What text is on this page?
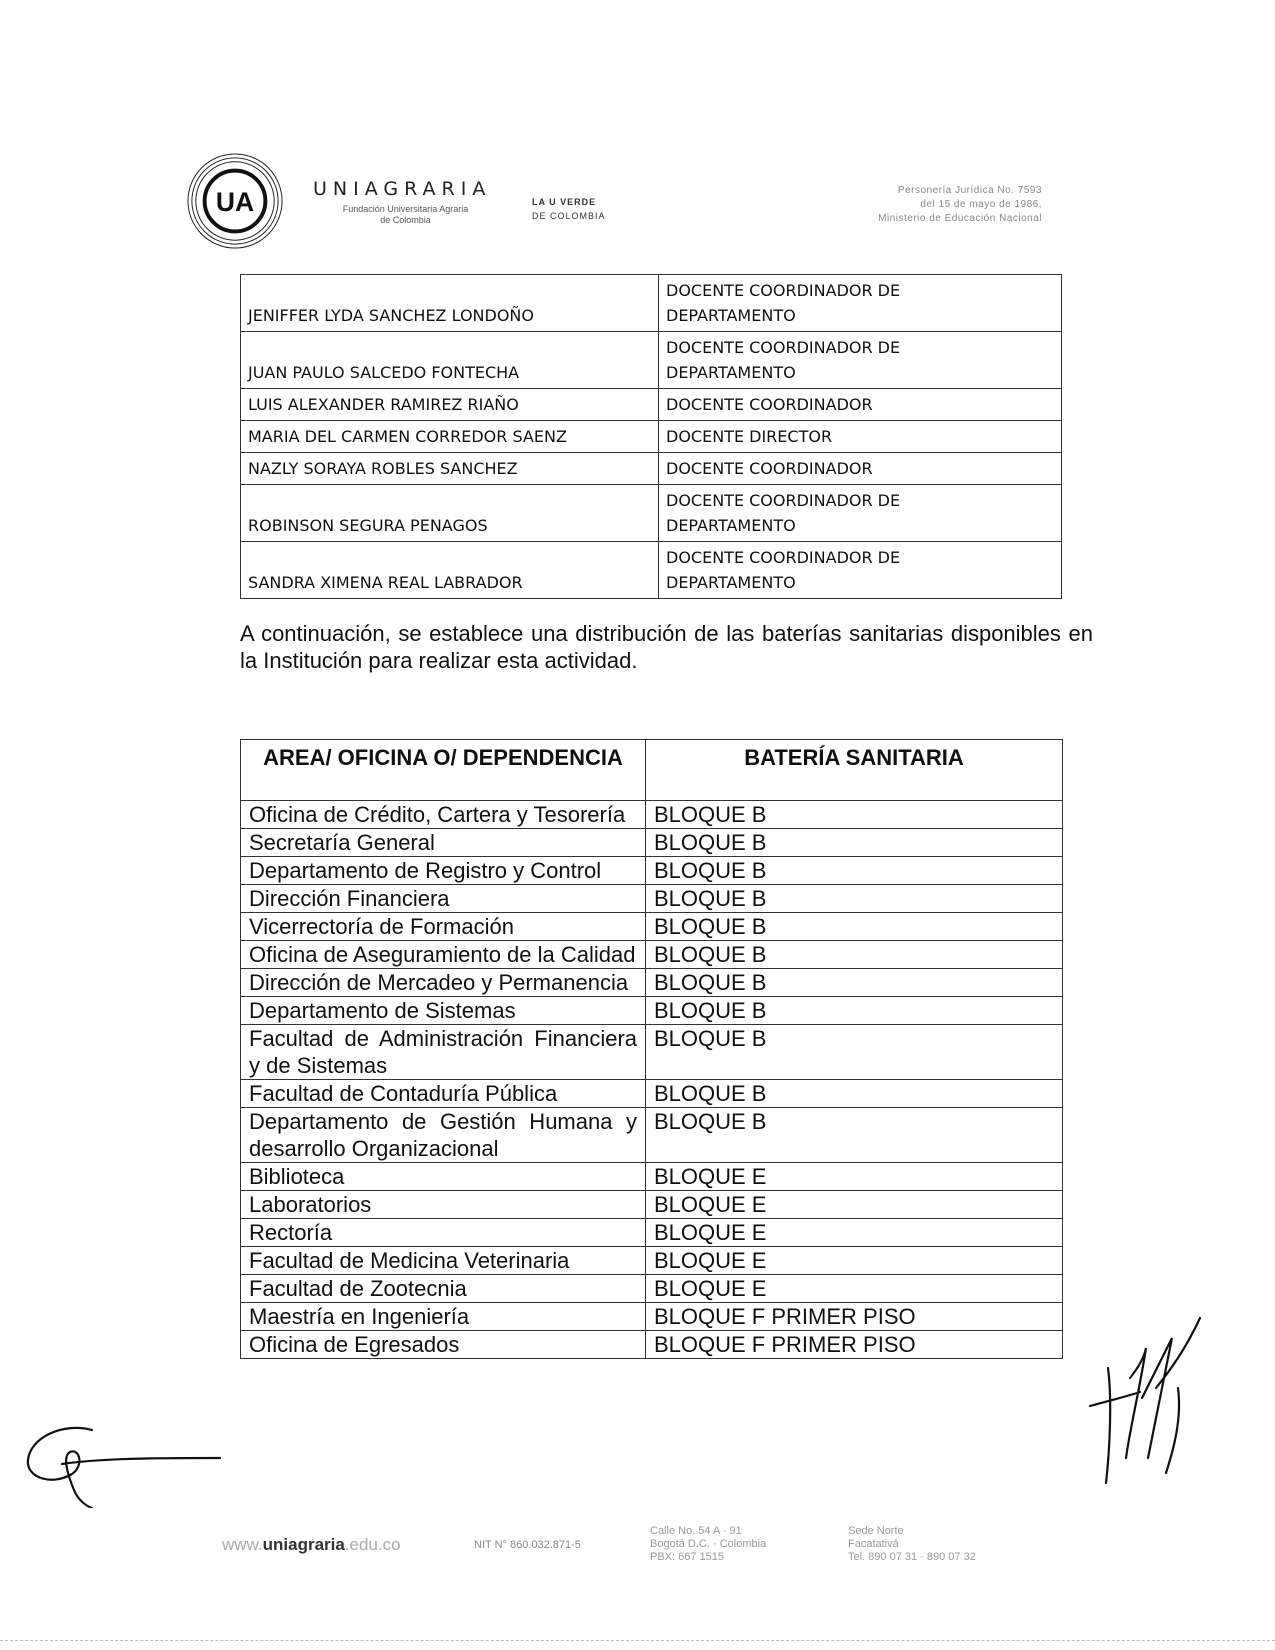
UA	UNIAGRARIA
Fundación Universitaria Agraria
de Colombia
LA U VERDE
DE COLOMBIA
Personería Jurídica No. 7593
del 15 de mayo de 1986,
Ministerio de Educación Nacional
JENIFFER LYDA SANCHEZ LONDOÑO	DOCENTE COORDINADOR DE
DEPARTAMENTO
JUAN PAULO SALCEDO FONTECHA	DOCENTE COORDINADOR DE
DEPARTAMENTO
LUIS ALEXANDER RAMIREZ RIAÑO	DOCENTE COORDINADOR
MARIA DEL CARMEN CORREDOR SAENZ	DOCENTE DIRECTOR
NAZLY SORAYA ROBLES SANCHEZ	DOCENTE COORDINADOR
ROBINSON SEGURA PENAGOS	DOCENTE COORDINADOR DE
DEPARTAMENTO
SANDRA XIMENA REAL LABRADOR	DOCENTE COORDINADOR DE
DEPARTAMENTO
A continuación, se establece una distribución de las baterías sanitarias disponibles en la Institución para realizar esta actividad.
AREA/ OFICINA O/ DEPENDENCIA	BATERÍA SANITARIA
Oficina de Crédito, Cartera y Tesorería	BLOQUE B
Secretaría General	BLOQUE B
Departamento de Registro y Control	BLOQUE B
Dirección Financiera	BLOQUE B
Vicerrectoría de Formación	BLOQUE B
Oficina de Aseguramiento de la Calidad	BLOQUE B
Dirección de Mercadeo y Permanencia	BLOQUE B
Departamento de Sistemas	BLOQUE B
Facultad de Administración Financiera y de Sistemas	BLOQUE B
Facultad de Contaduría Pública	BLOQUE B
Departamento de Gestión Humana y desarrollo Organizacional	BLOQUE B
Biblioteca	BLOQUE E
Laboratorios	BLOQUE E
Rectoría	BLOQUE E
Facultad de Medicina Veterinaria	BLOQUE E
Facultad de Zootecnia	BLOQUE E
Maestría en Ingeniería	BLOQUE F PRIMER PISO
Oficina de Egresados	BLOQUE F PRIMER PISO
www.uniagraria.edu.co	NIT N° 860.032.871-5
Calle No. 54 A · 91
Bogotá D.C. · Colombia
PBX: 667 1515
Sede Norte
Facatativá
Tel. 890 07 31 · 890 07 32
